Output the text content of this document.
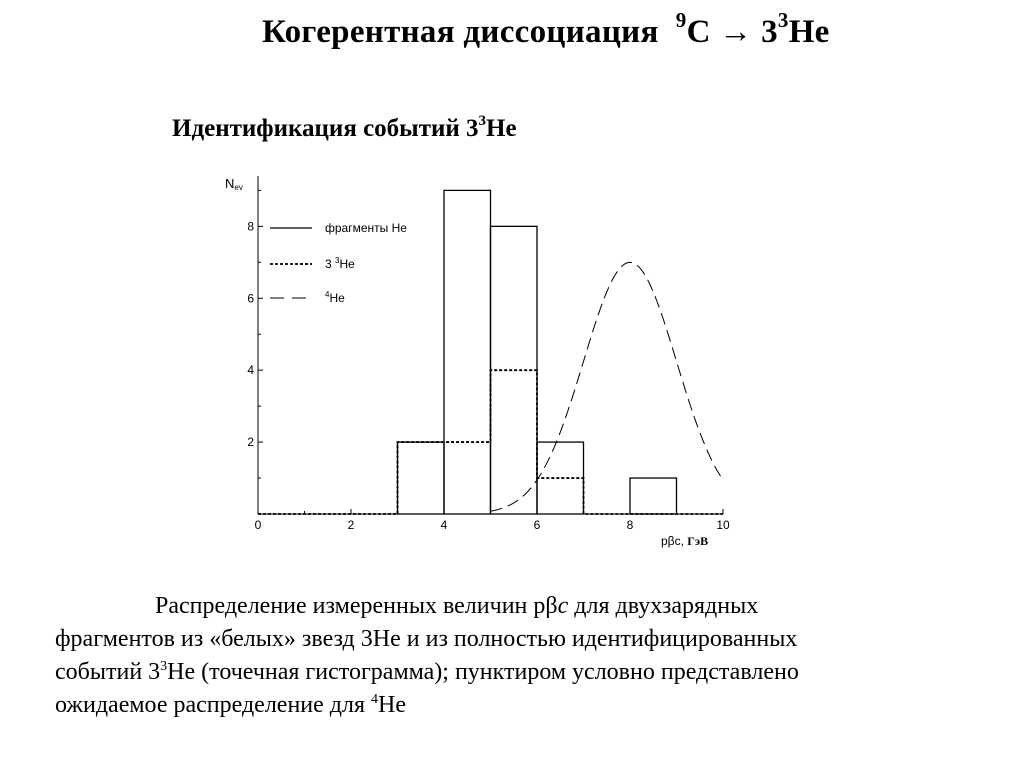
Когерентная диссоциация $^9C \to 3^3He$
Идентификация событий $3^3He$
0	2	4	6	8	10
2
4
6
8	фрагменты He
3 $^3$He
$^4$He
Nev
pβc, ГэВ

Распределение измеренных величин pβc для двухзарядных

фрагментов из «белых» звезд 3He и из полностью идентифицированных

событий $3^3He$ (точечная гистограмма); пунктиром условно представлено

ожидаемое распределение для $^4$He
